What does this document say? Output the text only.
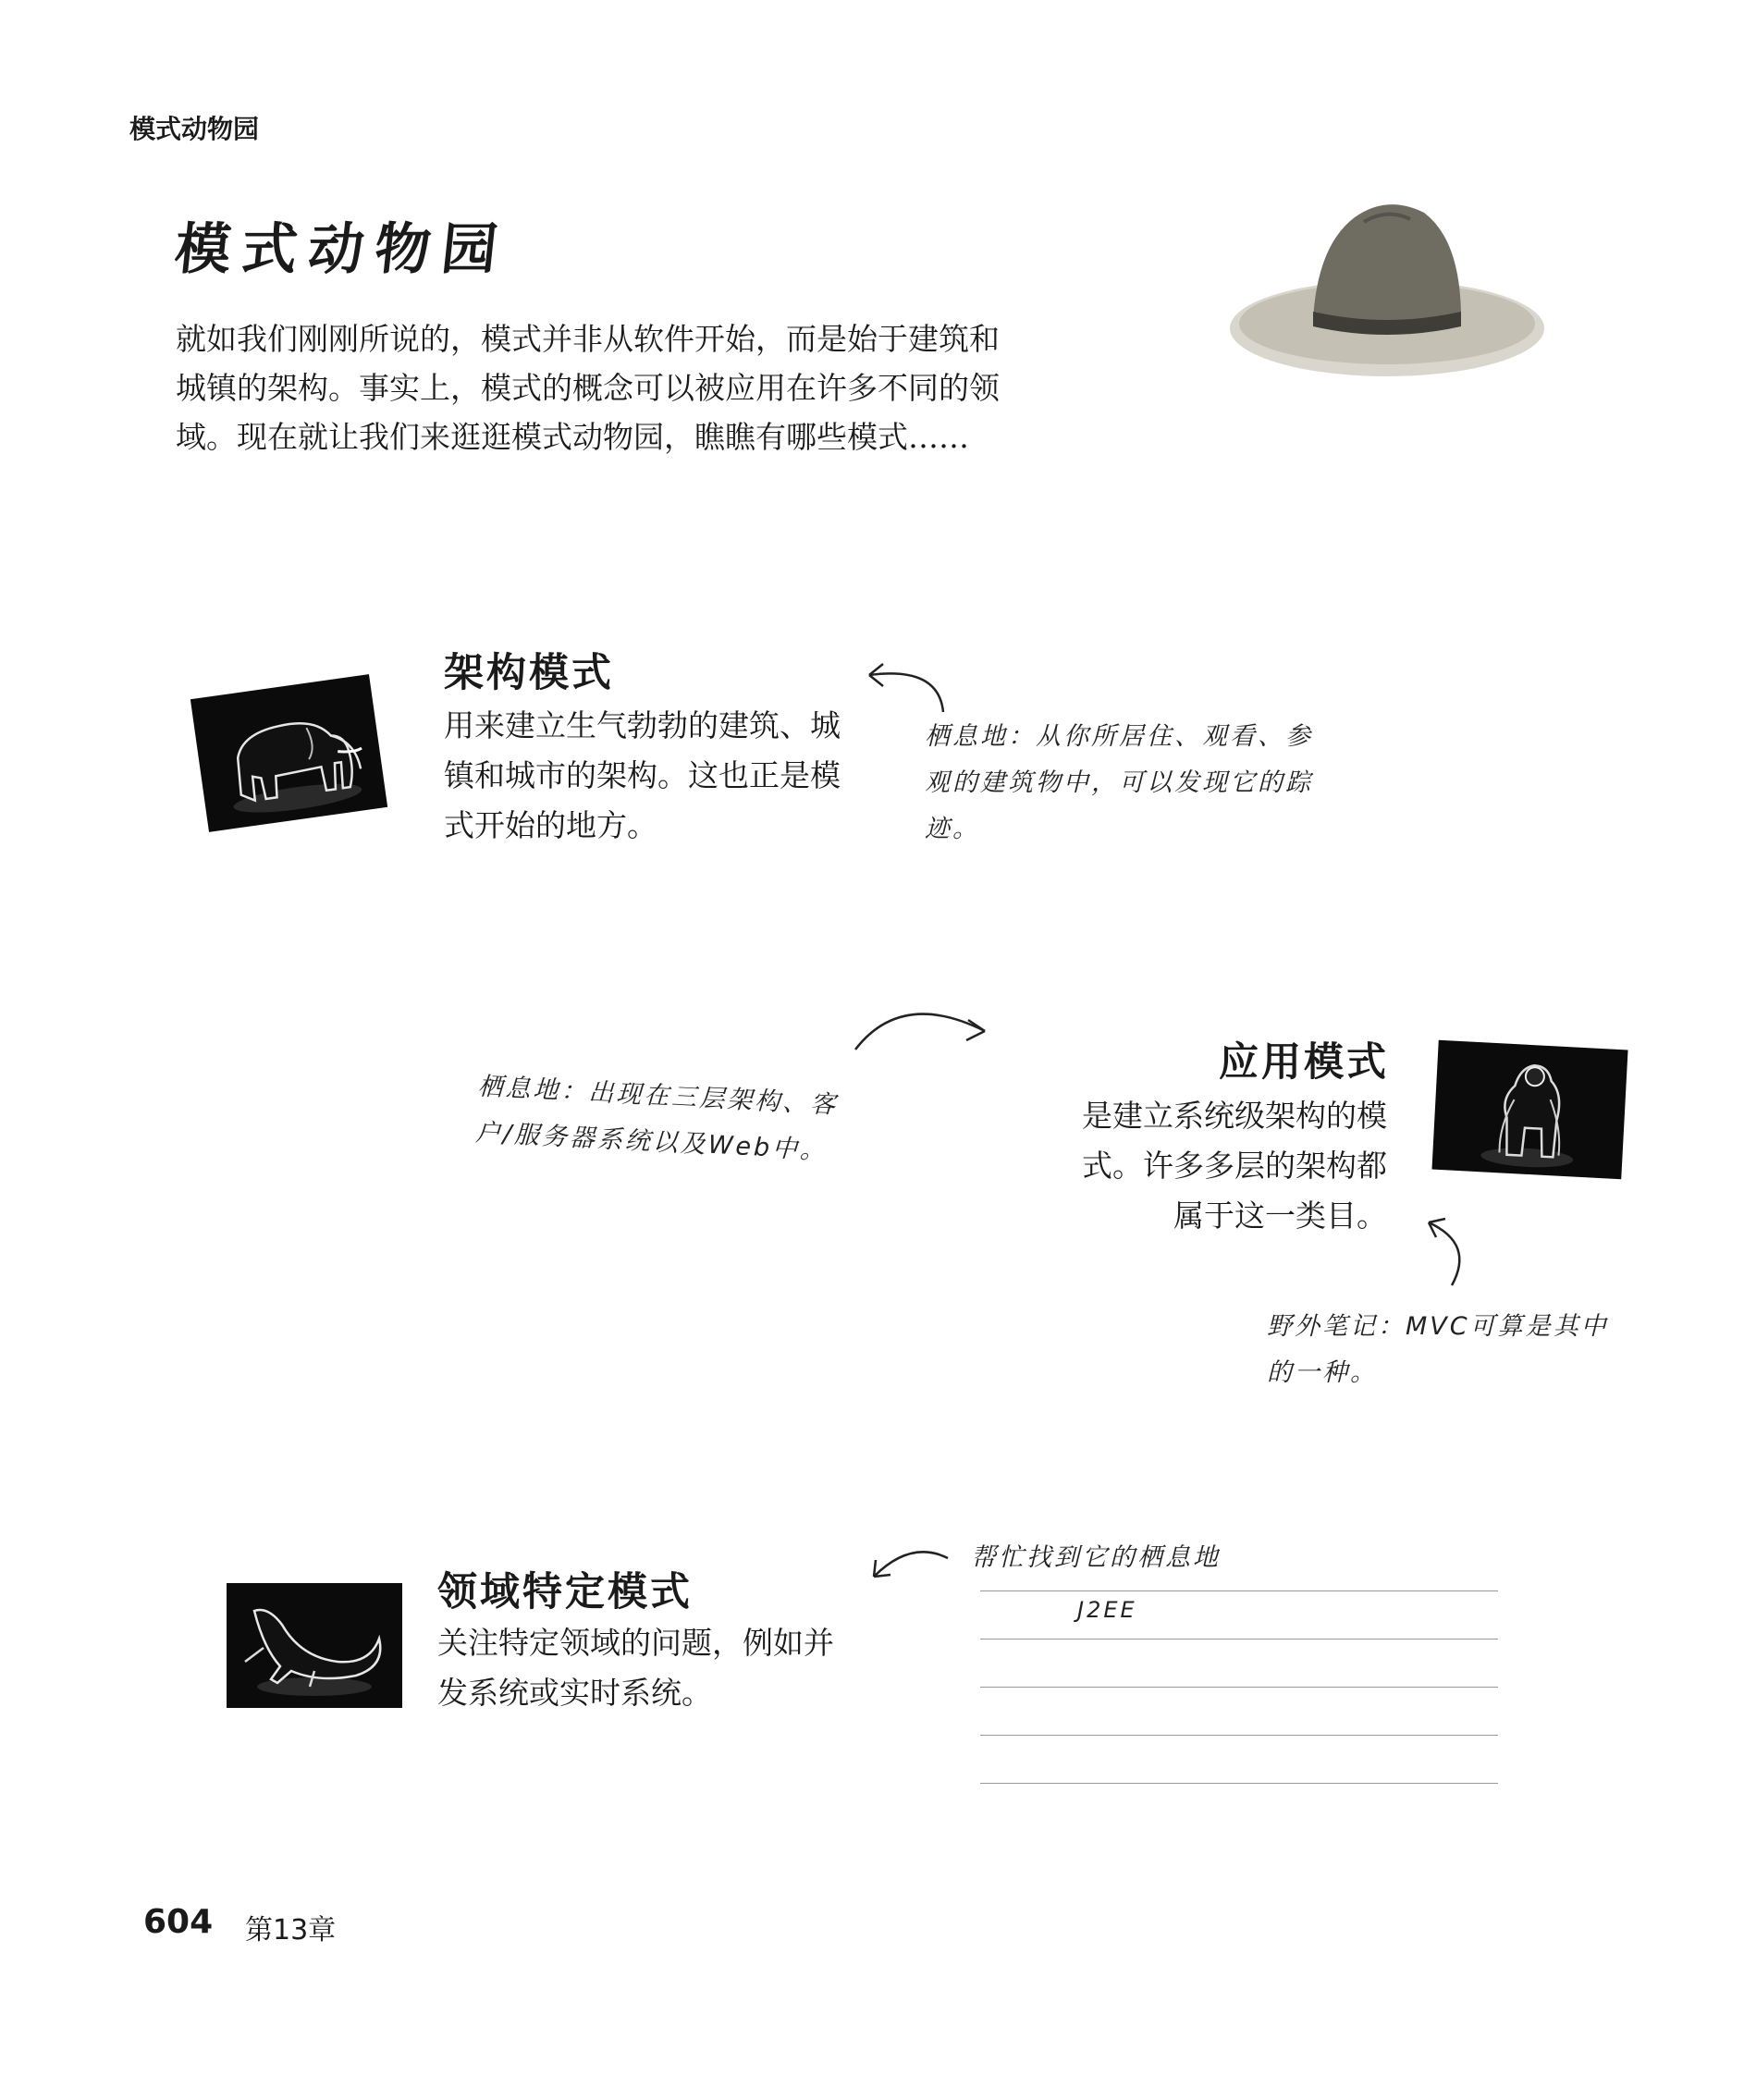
模式动物园
模式动物园
就如我们刚刚所说的，模式并非从软件开始，而是始于建筑和城镇的架构。事实上，模式的概念可以被应用在许多不同的领域。现在就让我们来逛逛模式动物园，瞧瞧有哪些模式……
架构模式
用来建立生气勃勃的建筑、城
镇和城市的架构。这也正是模
式开始的地方。
栖息地：从你所居住、观看、参
观的建筑物中，可以发现它的踪
迹。
栖息地：出现在三层架构、客
户/服务器系统以及Web中。
应用模式
是建立系统级架构的模
式。许多多层的架构都
属于这一类目。
野外笔记：MVC可算是其中
的一种。
领域特定模式
关注特定领域的问题，例如并
发系统或实时系统。
帮忙找到它的栖息地
J2EE
604 第13章
